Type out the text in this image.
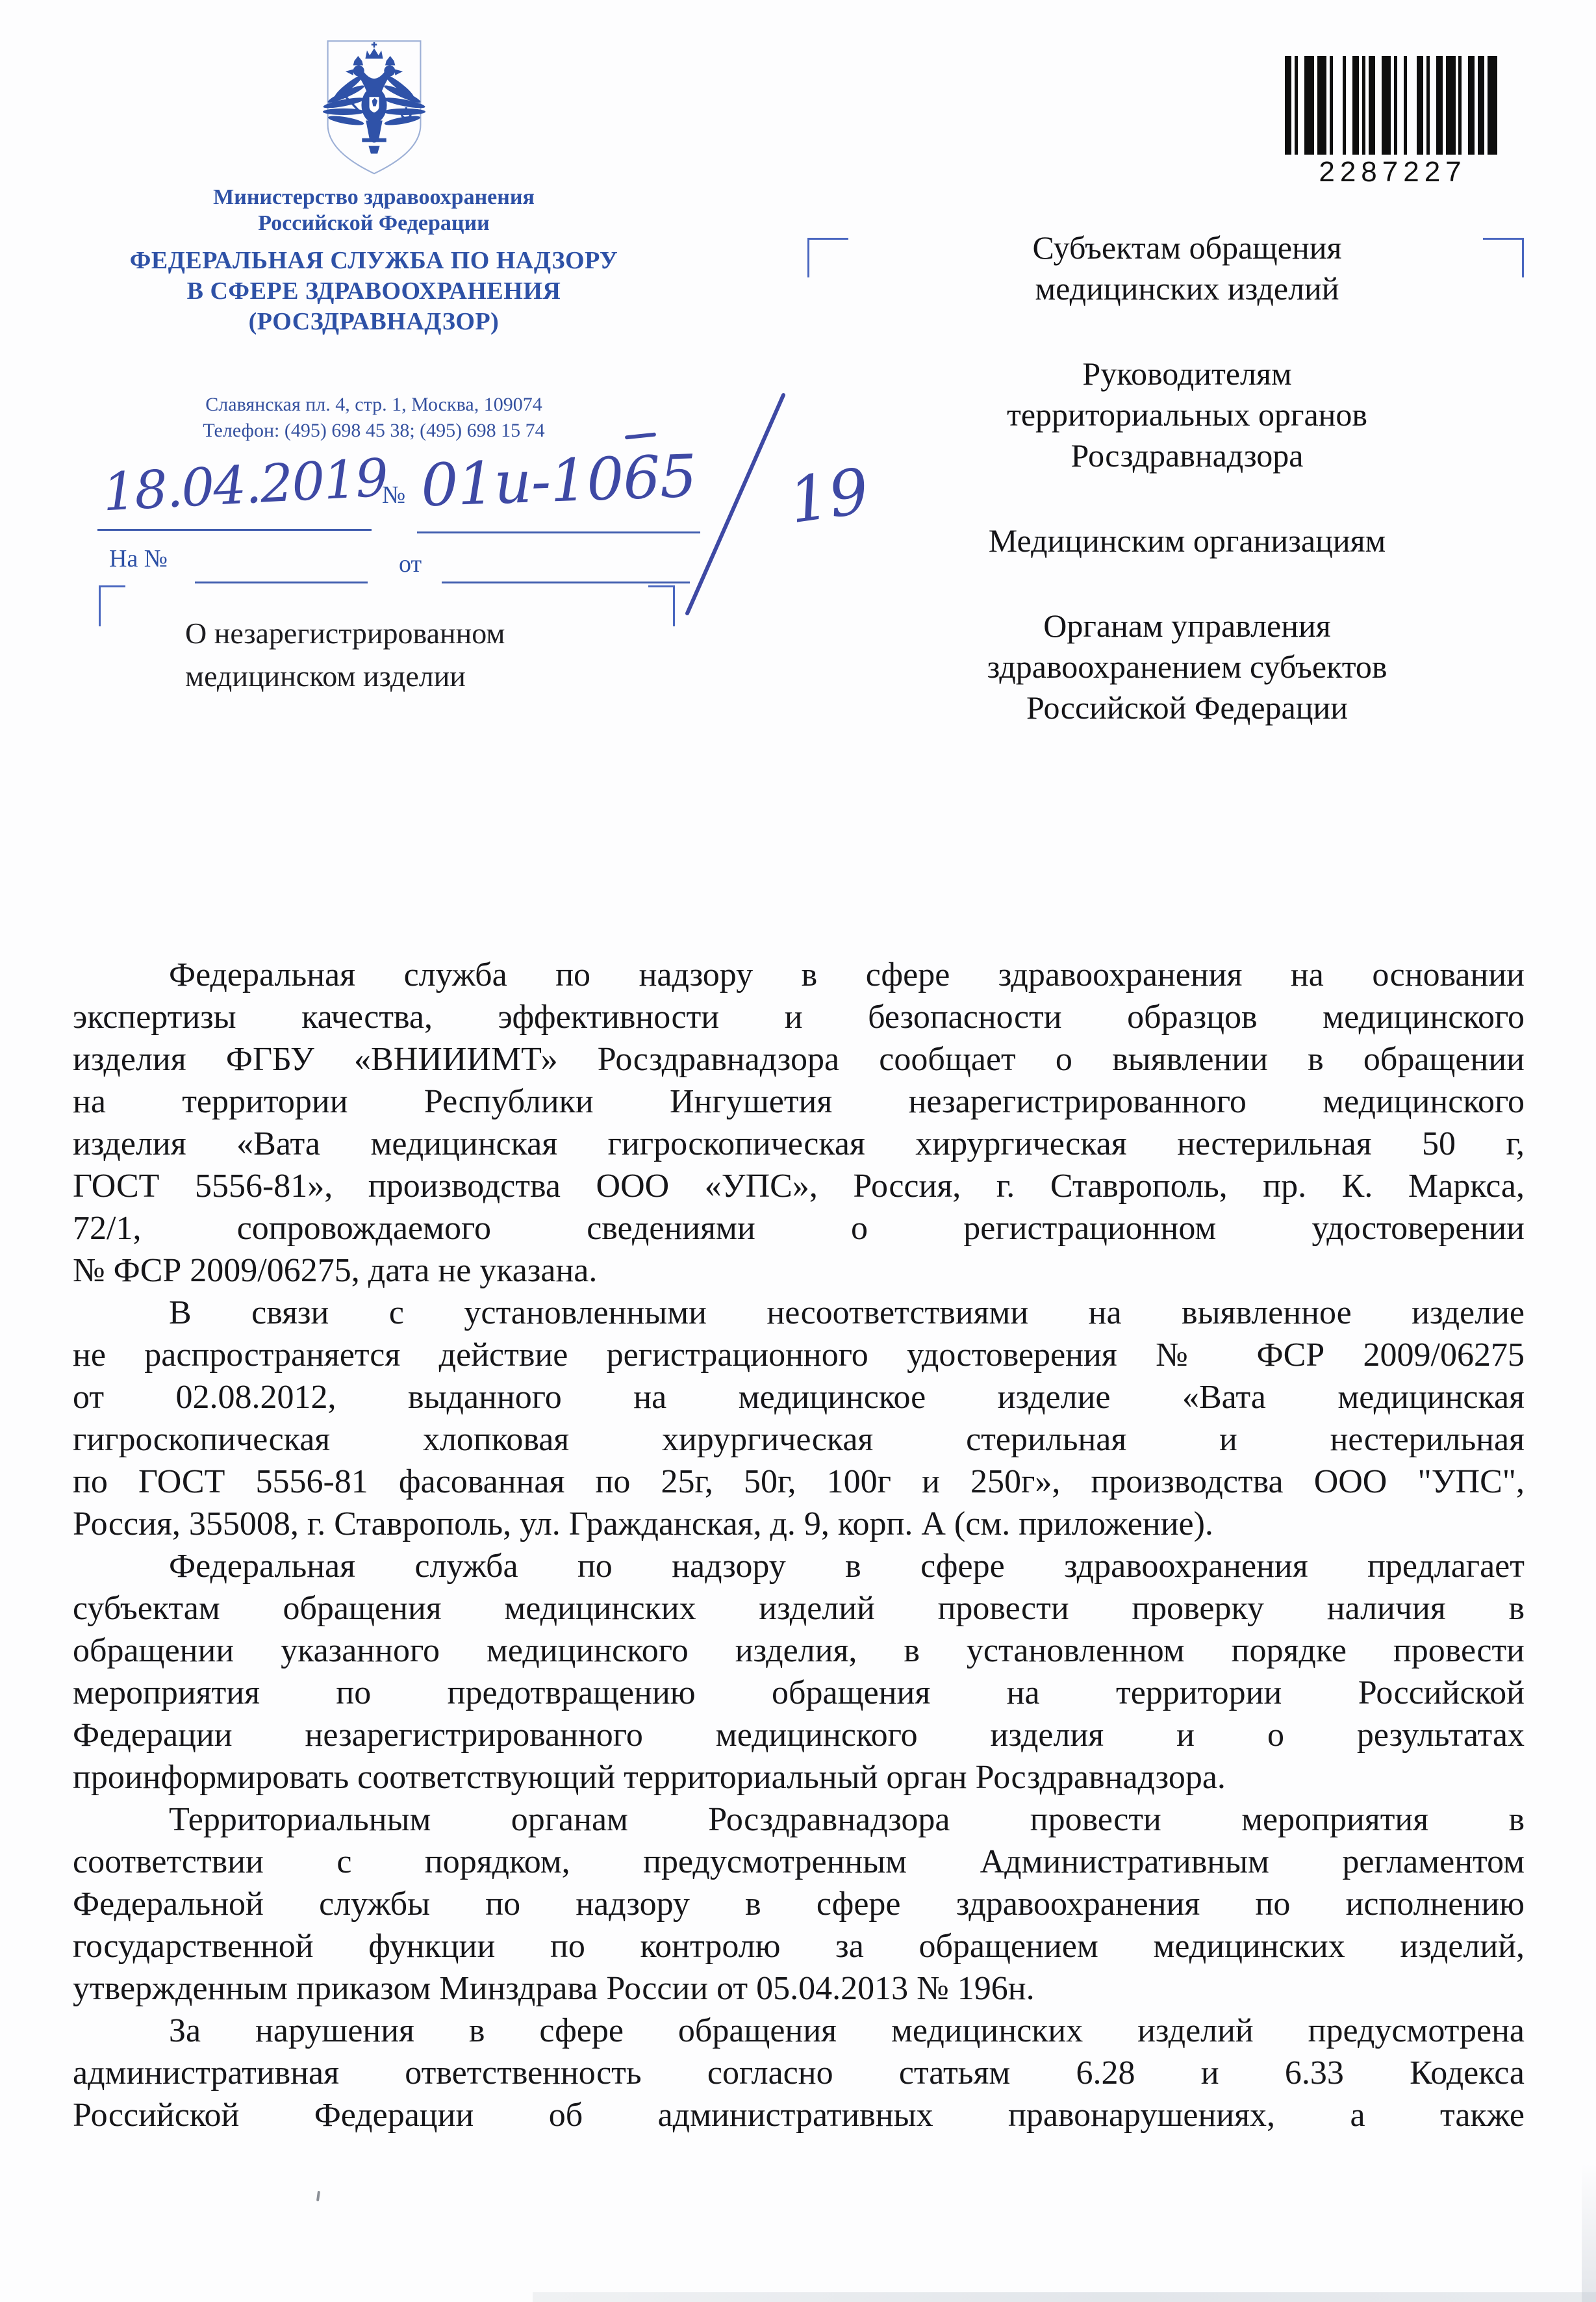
Министерство здравоохранения
Российской Федерации
ФЕДЕРАЛЬНАЯ СЛУЖБА ПО НАДЗОРУ
В СФЕРЕ ЗДРАВООХРАНЕНИЯ
(РОСЗДРАВНАДЗОР)
Славянская пл. 4, стр. 1, Москва, 109074
Телефон: (495) 698 45 38; (495) 698 15 74
2287227
18.04.2019
№ 01и-1065 19
На №	от
О незарегистрированном
медицинском изделии
Субъектам обращения
медицинских изделий
Руководителям
территориальных органов
Росздравнадзора
Медицинским организациям
Органам управления
здравоохранением субъектов
Российской Федерации
Федеральная служба по надзору в сфере здравоохранения на основании
экспертизы качества, эффективности и безопасности образцов медицинского
изделия ФГБУ «ВНИИИМТ» Росздравнадзора сообщает о выявлении в обращении
на территории Республики Ингушетия незарегистрированного медицинского
изделия «Вата медицинская гигроскопическая хирургическая нестерильная 50 г,
ГОСТ 5556-81», производства ООО «УПС», Россия, г. Ставрополь, пр. К. Маркса,
72/1, сопровождаемого сведениями о регистрационном удостоверении
№ ФСР 2009/06275, дата не указана.
В связи с установленными несоответствиями на выявленное изделие
не распространяется действие регистрационного удостоверения № ФСР 2009/06275
от 02.08.2012, выданного на медицинское изделие «Вата медицинская
гигроскопическая хлопковая хирургическая стерильная и нестерильная
по ГОСТ 5556-81 фасованная по 25г, 50г, 100г и 250г», производства ООО "УПС",
Россия, 355008, г. Ставрополь, ул. Гражданская, д. 9, корп. А (см. приложение).
Федеральная служба по надзору в сфере здравоохранения предлагает
субъектам обращения медицинских изделий провести проверку наличия в
обращении указанного медицинского изделия, в установленном порядке провести
мероприятия по предотвращению обращения на территории Российской
Федерации незарегистрированного медицинского изделия и о результатах
проинформировать соответствующий территориальный орган Росздравнадзора.
Территориальным органам Росздравнадзора провести мероприятия в
соответствии с порядком, предусмотренным Административным регламентом
Федеральной службы по надзору в сфере здравоохранения по исполнению
государственной функции по контролю за обращением медицинских изделий,
утвержденным приказом Минздрава России от 05.04.2013 № 196н.
За нарушения в сфере обращения медицинских изделий предусмотрена
административная ответственность согласно статьям 6.28 и 6.33 Кодекса
Российской Федерации об административных правонарушениях, а также
